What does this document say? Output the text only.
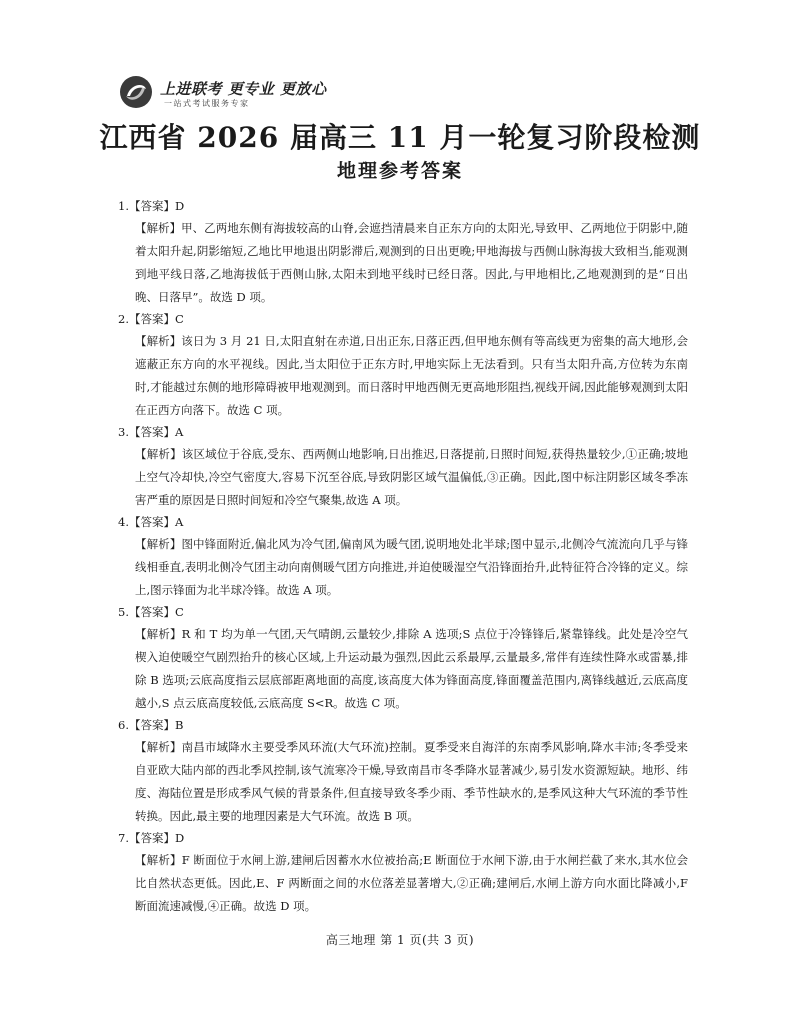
上进联考 更专业 更放心
一站式考试服务专家
江西省 2026 届高三 11 月一轮复习阶段检测
地理参考答案
1.【答案】D
【解析】甲、乙两地东侧有海拔较高的山脊,会遮挡清晨来自正东方向的太阳光,导致甲、乙两地位于阴影中,随着太阳升起,阴影缩短,乙地比甲地退出阴影滞后,观测到的日出更晚;甲地海拔与西侧山脉海拔大致相当,能观测到地平线日落,乙地海拔低于西侧山脉,太阳未到地平线时已经日落。因此,与甲地相比,乙地观测到的是“日出晚、日落早”。故选 D 项。
2.【答案】C
【解析】该日为 3 月 21 日,太阳直射在赤道,日出正东,日落正西,但甲地东侧有等高线更为密集的高大地形,会遮蔽正东方向的水平视线。因此,当太阳位于正东方时,甲地实际上无法看到。只有当太阳升高,方位转为东南时,才能越过东侧的地形障碍被甲地观测到。而日落时甲地西侧无更高地形阻挡,视线开阔,因此能够观测到太阳在正西方向落下。故选 C 项。
3.【答案】A
【解析】该区域位于谷底,受东、西两侧山地影响,日出推迟,日落提前,日照时间短,获得热量较少,①正确;坡地上空气冷却快,冷空气密度大,容易下沉至谷底,导致阴影区域气温偏低,③正确。因此,图中标注阴影区域冬季冻害严重的原因是日照时间短和冷空气聚集,故选 A 项。
4.【答案】A
【解析】图中锋面附近,偏北风为冷气团,偏南风为暖气团,说明地处北半球;图中显示,北侧冷气流流向几乎与锋线相垂直,表明北侧冷气团主动向南侧暖气团方向推进,并迫使暖湿空气沿锋面抬升,此特征符合冷锋的定义。综上,图示锋面为北半球冷锋。故选 A 项。
5.【答案】C
【解析】R 和 T 均为单一气团,天气晴朗,云量较少,排除 A 选项;S 点位于冷锋锋后,紧靠锋线。此处是冷空气楔入迫使暖空气剧烈抬升的核心区域,上升运动最为强烈,因此云系最厚,云量最多,常伴有连续性降水或雷暴,排除 B 选项;云底高度指云层底部距离地面的高度,该高度大体为锋面高度,锋面覆盖范围内,离锋线越近,云底高度越小,S 点云底高度较低,云底高度 S<R。故选 C 项。
6.【答案】B
【解析】南昌市域降水主要受季风环流(大气环流)控制。夏季受来自海洋的东南季风影响,降水丰沛;冬季受来自亚欧大陆内部的西北季风控制,该气流寒冷干燥,导致南昌市冬季降水显著减少,易引发水资源短缺。地形、纬度、海陆位置是形成季风气候的背景条件,但直接导致冬季少雨、季节性缺水的,是季风这种大气环流的季节性转换。因此,最主要的地理因素是大气环流。故选 B 项。
7.【答案】D
【解析】F 断面位于水闸上游,建闸后因蓄水水位被抬高;E 断面位于水闸下游,由于水闸拦截了来水,其水位会比自然状态更低。因此,E、F 两断面之间的水位落差显著增大,②正确;建闸后,水闸上游方向水面比降减小,F 断面流速减慢,④正确。故选 D 项。
高三地理 第 1 页(共 3 页)
